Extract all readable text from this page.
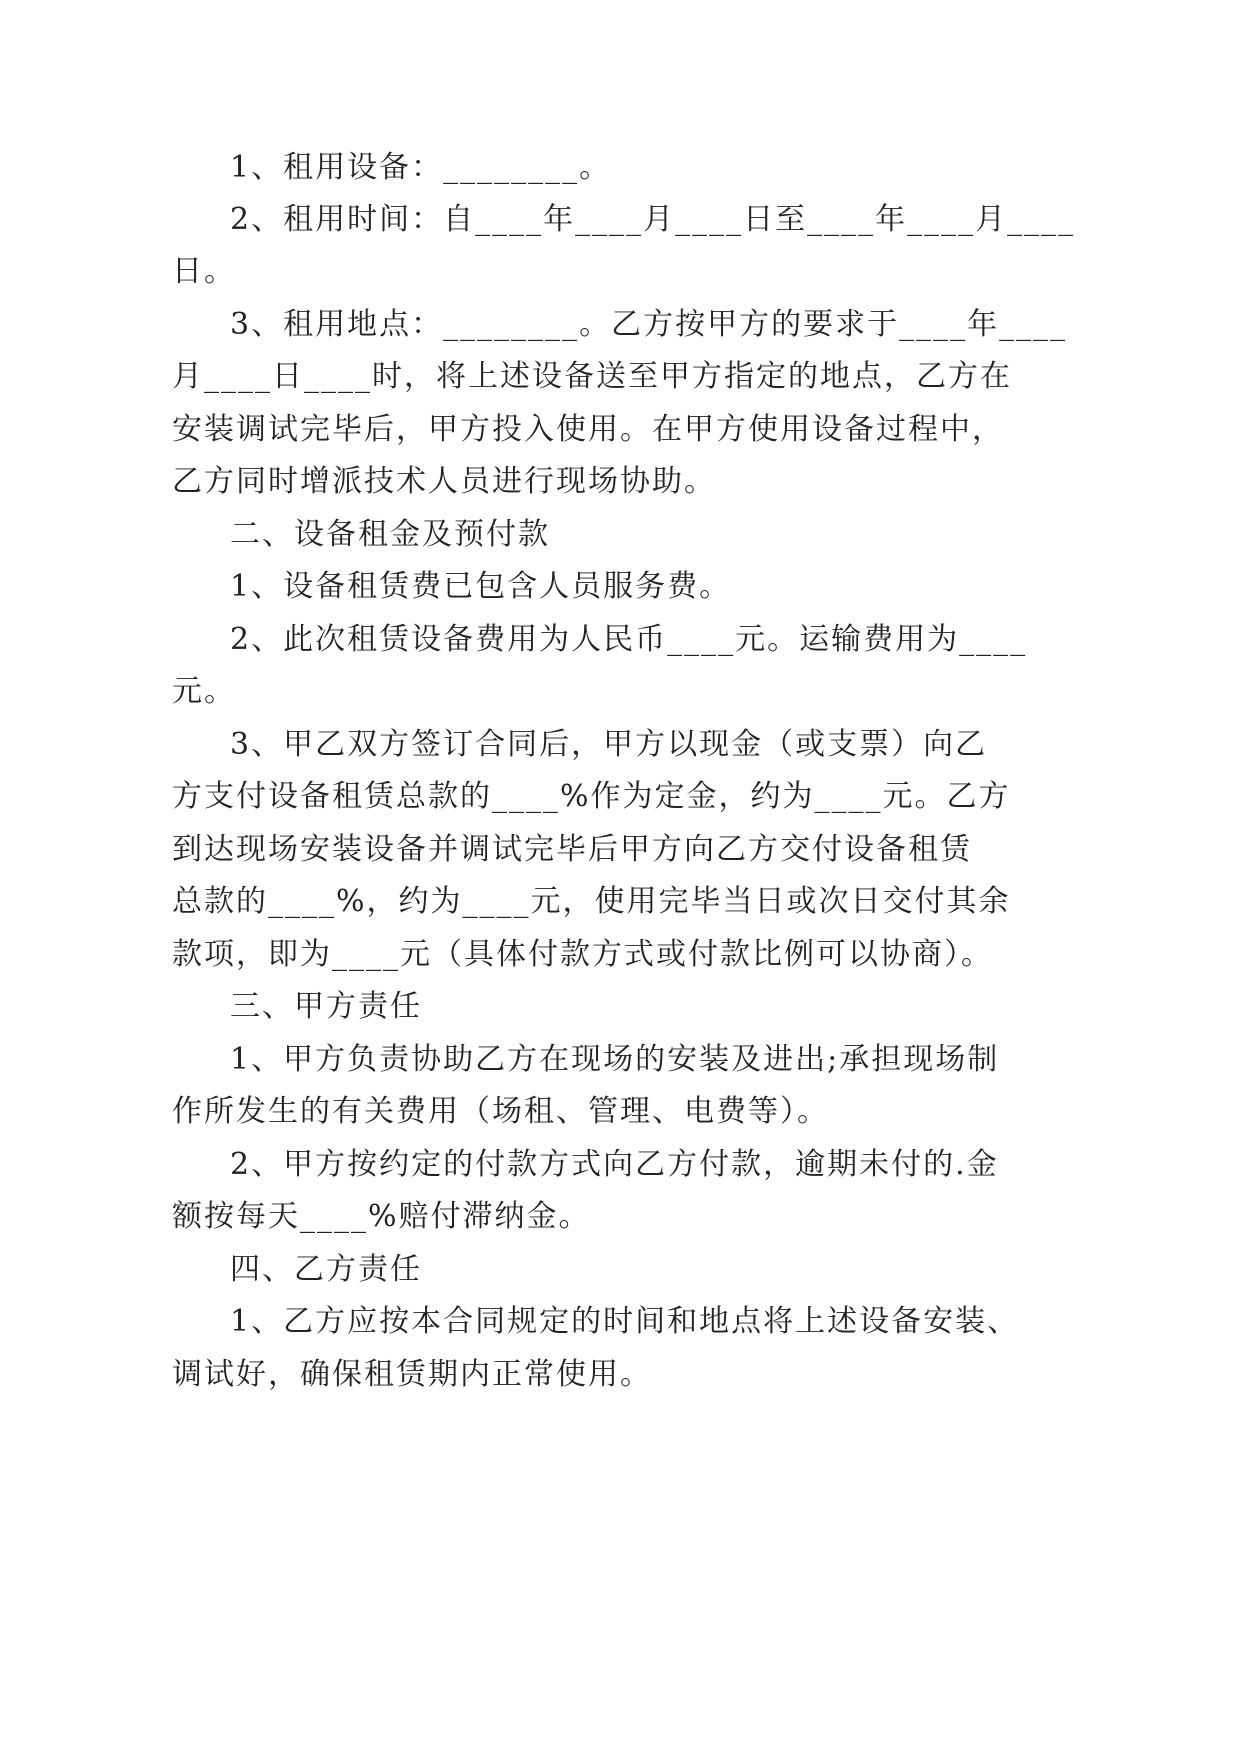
1、租用设备：________。
2、租用时间：自____年____月____日至____年____月____
日。
3、租用地点：________。乙方按甲方的要求于____年____
月____日____时，将上述设备送至甲方指定的地点，乙方在
安装调试完毕后，甲方投入使用。在甲方使用设备过程中，
乙方同时增派技术人员进行现场协助。
二、设备租金及预付款
1、设备租赁费已包含人员服务费。
2、此次租赁设备费用为人民币____元。运输费用为____
元。
3、甲乙双方签订合同后，甲方以现金（或支票）向乙
方支付设备租赁总款的____%作为定金，约为____元。乙方
到达现场安装设备并调试完毕后甲方向乙方交付设备租赁
总款的____%，约为____元，使用完毕当日或次日交付其余
款项，即为____元（具体付款方式或付款比例可以协商）。
三、甲方责任
1、甲方负责协助乙方在现场的安装及进出;承担现场制
作所发生的有关费用（场租、管理、电费等）。
2、甲方按约定的付款方式向乙方付款，逾期未付的.金
额按每天____%赔付滞纳金。
四、乙方责任
1、乙方应按本合同规定的时间和地点将上述设备安装、
调试好，确保租赁期内正常使用。
